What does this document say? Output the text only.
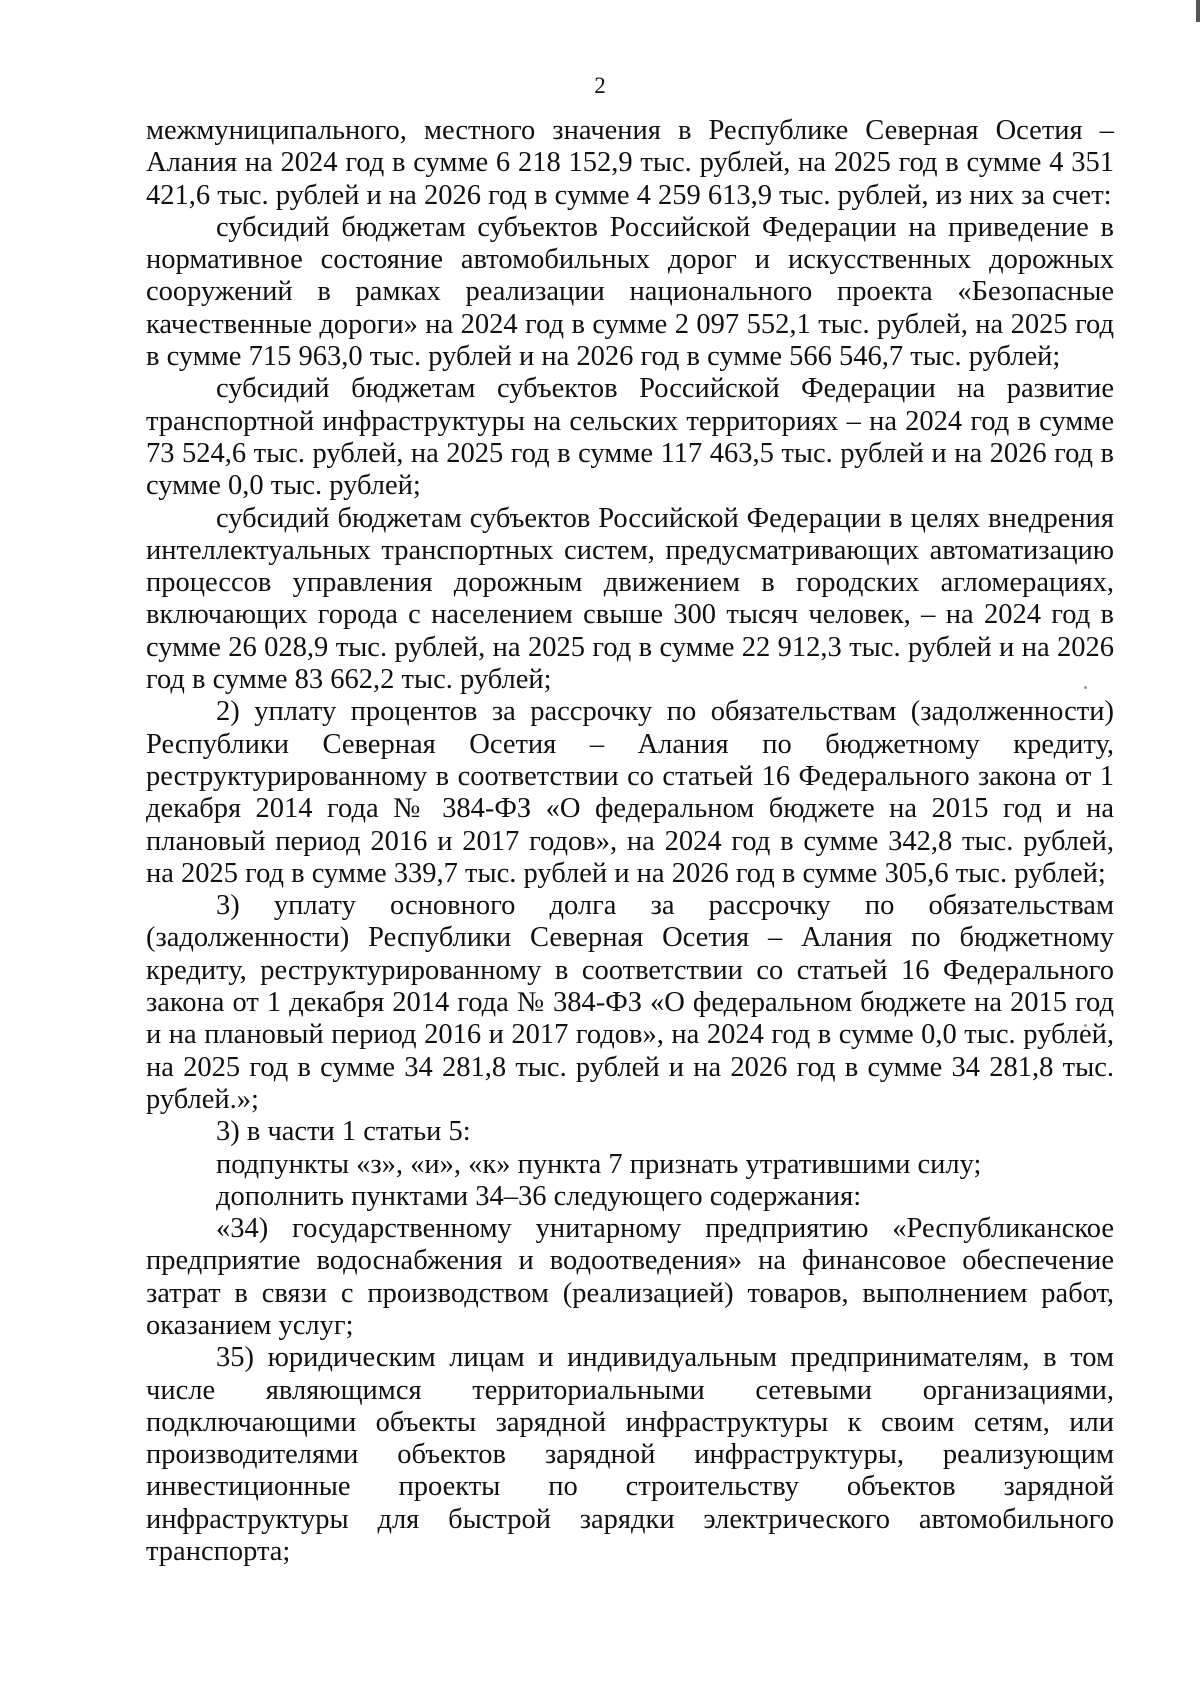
2

межмуниципального, местного значения в Республике Северная Осетия – Алания на 2024 год в сумме 6 218 152,9 тыс. рублей, на 2025 год в сумме 4 351 421,6 тыс. рублей и на 2026 год в сумме 4 259 613,9 тыс. рублей, из них за счет:

субсидий бюджетам субъектов Российской Федерации на приведение в нормативное состояние автомобильных дорог и искусственных дорожных сооружений в рамках реализации национального проекта «Безопасные качественные дороги» на 2024 год в сумме 2 097 552,1 тыс. рублей, на 2025 год в сумме 715 963,0 тыс. рублей и на 2026 год в сумме 566 546,7 тыс. рублей;

субсидий бюджетам субъектов Российской Федерации на развитие транспортной инфраструктуры на сельских территориях – на 2024 год в сумме 73 524,6 тыс. рублей, на 2025 год в сумме 117 463,5 тыс. рублей и на 2026 год в сумме 0,0 тыс. рублей;

субсидий бюджетам субъектов Российской Федерации в целях внедрения интеллектуальных транспортных систем, предусматривающих автоматизацию процессов управления дорожным движением в городских агломерациях, включающих города с населением свыше 300 тысяч человек, – на 2024 год в сумме 26 028,9 тыс. рублей, на 2025 год в сумме 22 912,3 тыс. рублей и на 2026 год в сумме 83 662,2 тыс. рублей;

2) уплату процентов за рассрочку по обязательствам (задолженности) Республики Северная Осетия – Алания по бюджетному кредиту, реструктурированному в соответствии со статьей 16 Федерального закона от 1 декабря 2014 года № 384-ФЗ «О федеральном бюджете на 2015 год и на плановый период 2016 и 2017 годов», на 2024 год в сумме 342,8 тыс. рублей, на 2025 год в сумме 339,7 тыс. рублей и на 2026 год в сумме 305,6 тыс. рублей;

3) уплату основного долга за рассрочку по обязательствам (задолженности) Республики Северная Осетия – Алания по бюджетному кредиту, реструктурированному в соответствии со статьей 16 Федерального закона от 1 декабря 2014 года № 384-ФЗ «О федеральном бюджете на 2015 год и на плановый период 2016 и 2017 годов», на 2024 год в сумме 0,0 тыс. рублей, на 2025 год в сумме 34 281,8 тыс. рублей и на 2026 год в сумме 34 281,8 тыс. рублей.»;

3) в части 1 статьи 5:

подпункты «з», «и», «к» пункта 7 признать утратившими силу;

дополнить пунктами 34–36 следующего содержания:

«34) государственному унитарному предприятию «Республиканское предприятие водоснабжения и водоотведения» на финансовое обеспечение затрат в связи с производством (реализацией) товаров, выполнением работ, оказанием услуг;

35) юридическим лицам и индивидуальным предпринимателям, в том числе являющимся территориальными сетевыми организациями, подключающими объекты зарядной инфраструктуры к своим сетям, или производителями объектов зарядной инфраструктуры, реализующим инвестиционные проекты по строительству объектов зарядной инфраструктуры для быстрой зарядки электрического автомобильного транспорта;
